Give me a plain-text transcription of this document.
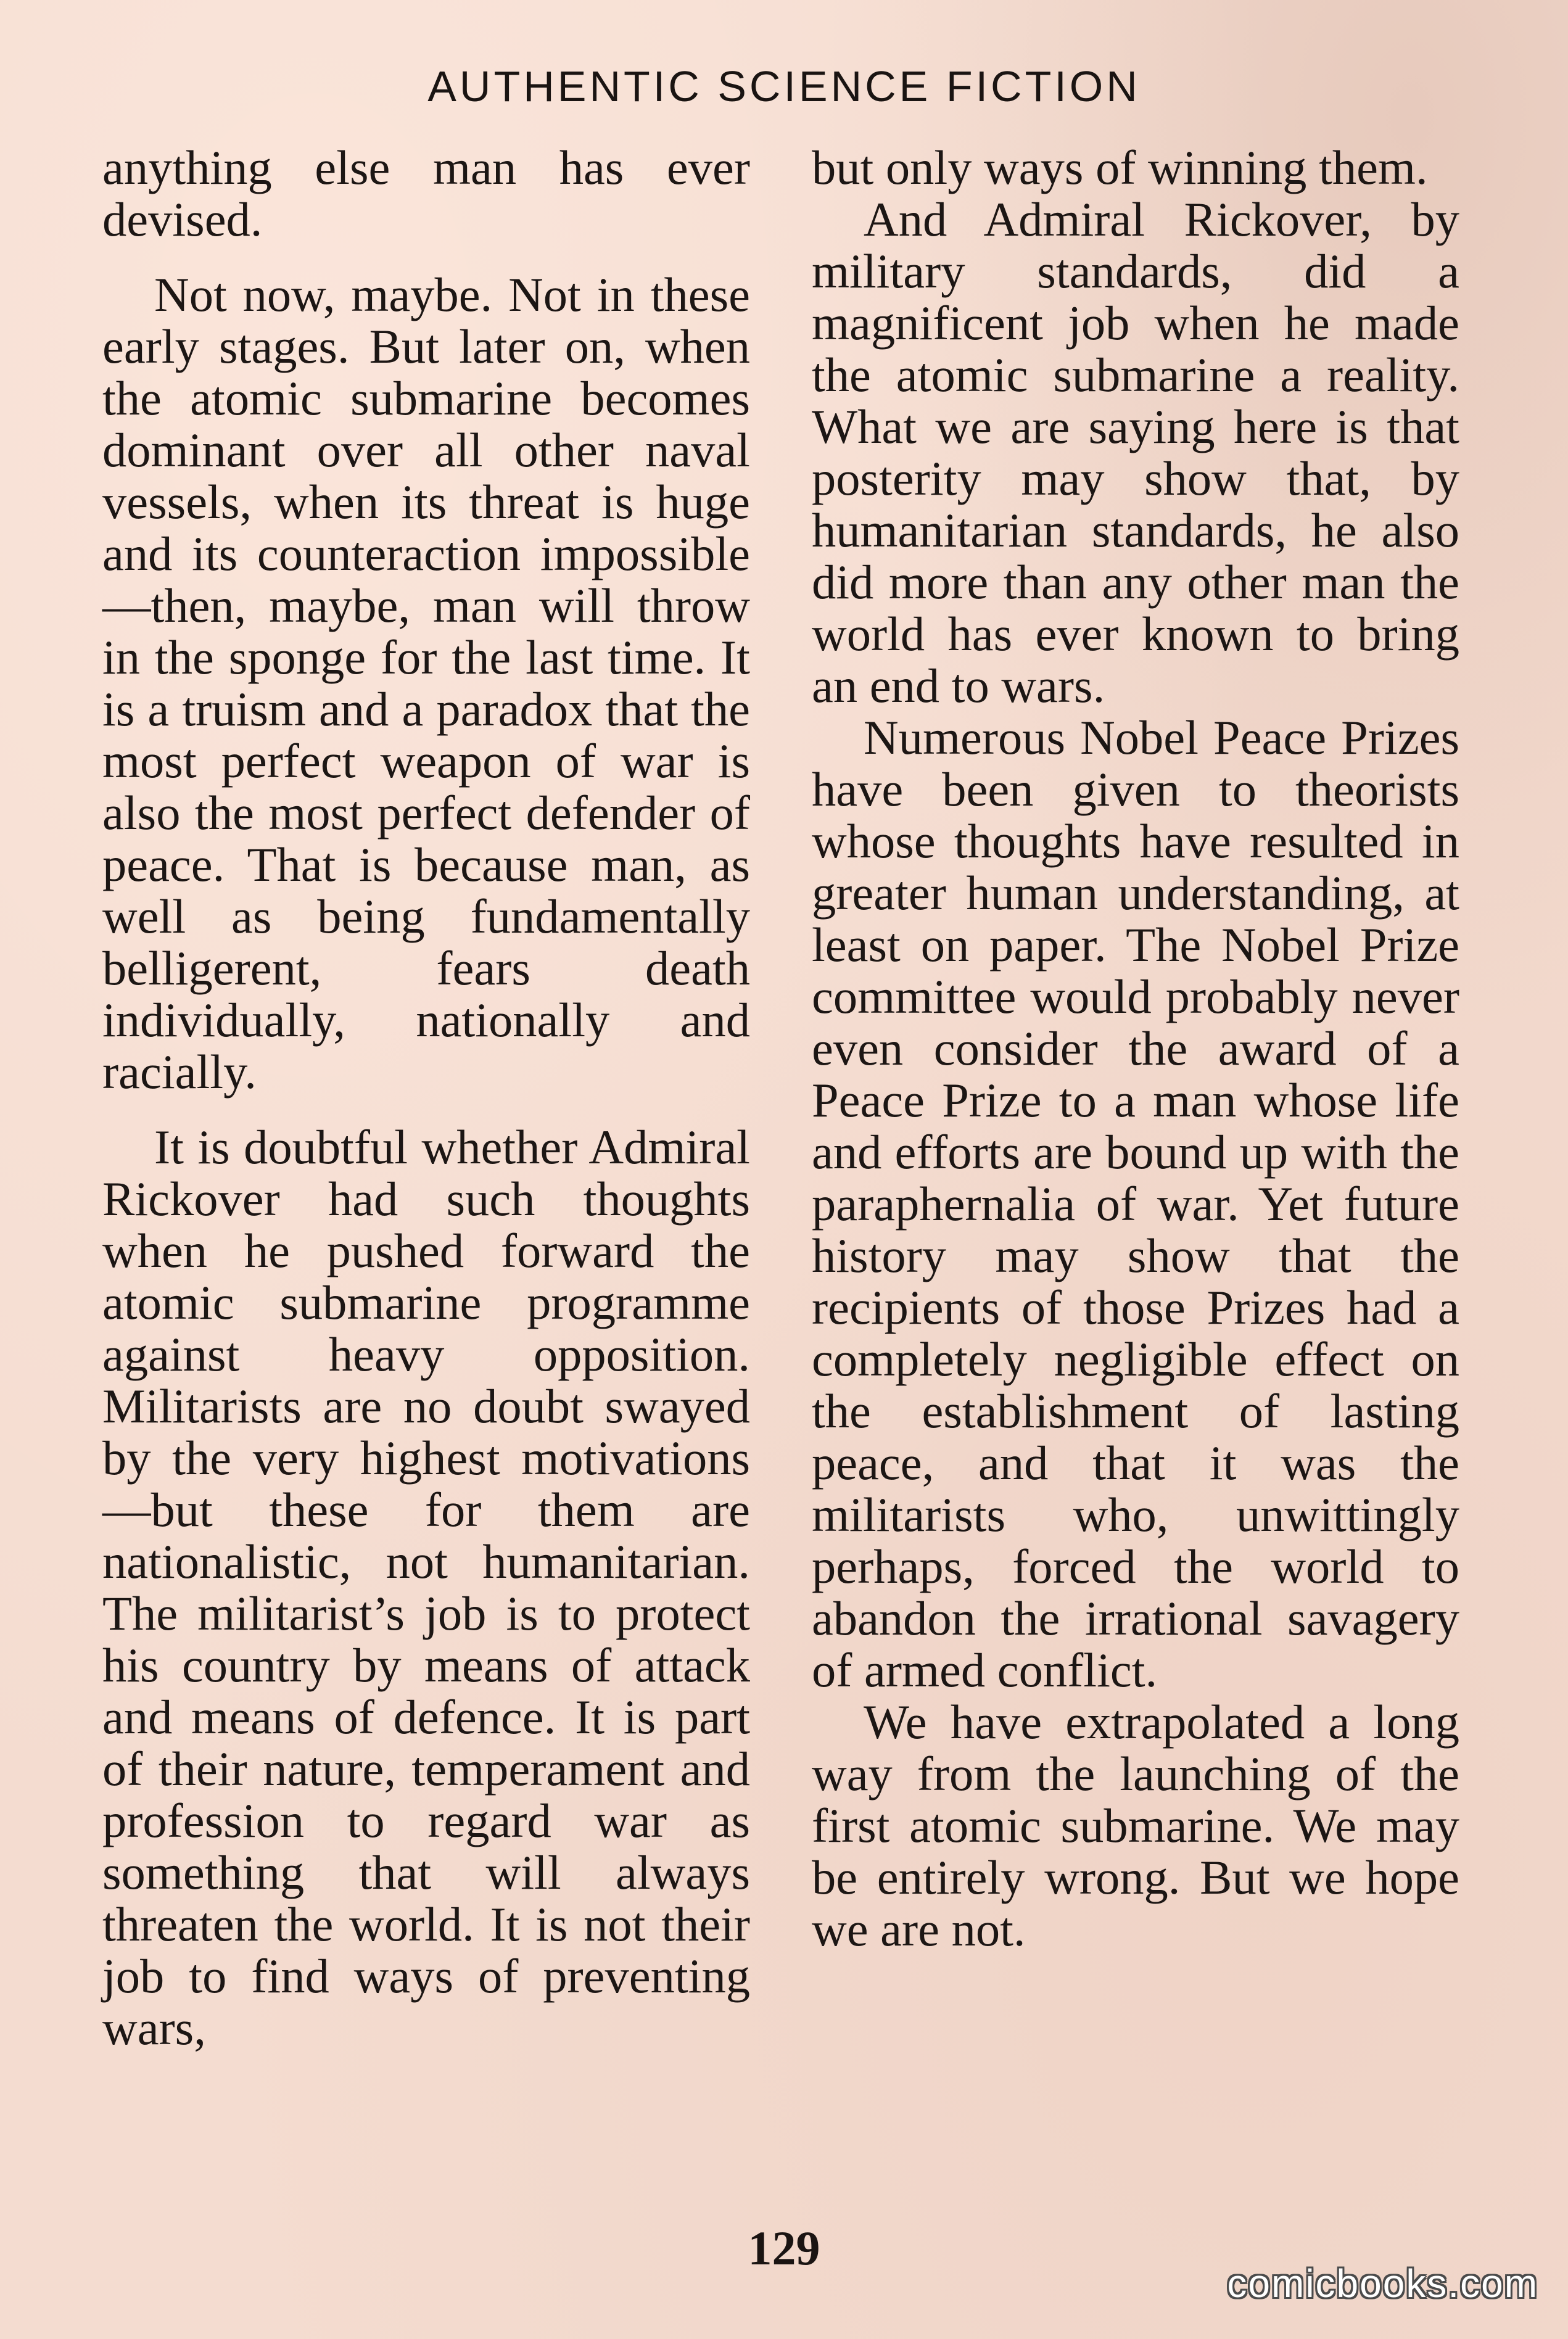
AUTHENTIC SCIENCE FICTION

anything else man has ever devised.

Not now, maybe. Not in these early stages. But later on, when the atomic submarine becomes dominant over all other naval vessels, when its threat is huge and its counteraction impossible—then, maybe, man will throw in the sponge for the last time. It is a truism and a paradox that the most perfect weapon of war is also the most perfect defender of peace. That is because man, as well as being fundamentally belligerent, fears death individually, nationally and racially.

It is doubtful whether Admiral Rickover had such thoughts when he pushed forward the atomic submarine programme against heavy opposition. Militarists are no doubt swayed by the very highest motivations—but these for them are nationalistic, not humanitarian. The militarist’s job is to protect his country by means of attack and means of defence. It is part of their nature, temperament and profession to regard war as something that will always threaten the world. It is not their job to find ways of preventing wars,

but only ways of winning them.

And Admiral Rickover, by military standards, did a magnificent job when he made the atomic submarine a reality. What we are saying here is that posterity may show that, by humanitarian standards, he also did more than any other man the world has ever known to bring an end to wars.

Numerous Nobel Peace Prizes have been given to theorists whose thoughts have resulted in greater human understanding, at least on paper. The Nobel Prize committee would probably never even consider the award of a Peace Prize to a man whose life and efforts are bound up with the paraphernalia of war. Yet future history may show that the recipients of those Prizes had a completely negligible effect on the establishment of lasting peace, and that it was the militarists who, unwittingly perhaps, forced the world to abandon the irrational savagery of armed conflict.

We have extrapolated a long way from the launching of the first atomic submarine. We may be entirely wrong. But we hope we are not.

129
comicbooks.com
